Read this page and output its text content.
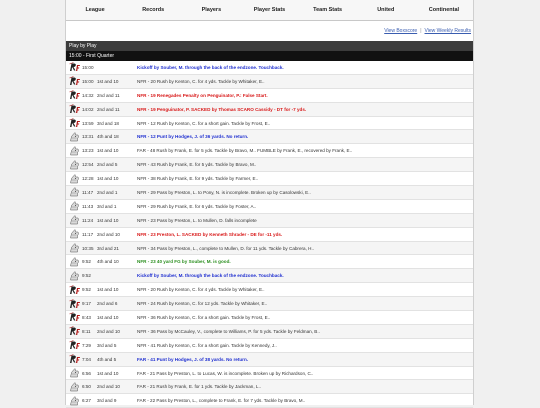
League	Records	Players	Player Stats	Team Stats	United	Continental
View Boxscore | View Weekly Results
Play by Play
15:00 - First Quarter
15:00	Kickoff by Souber, M. through the back of the endzone. Touchback.
15:00 1st and 10	NFR - 20 Rush by Kenton, C. for 4 yds. Tackle by Whitaker, E..
14:32 2nd and 11	NFR - 19 Renegades Penalty on Penguinator, P.: False Start.
14:02 2nd and 11	NFR - 19 Penguinator, P. SACKED by Thomas SCARO Cassidy - DT for -7 yds.
13:59 3rd and 18	NFR - 12 Rush by Kenton, C. for a short gain. Tackle by Frost, E..
13:31 4th and 18	NFR - 12 Punt by Hodges, J. of 36 yards. No return.
13:23 1st and 10	FAR - 48 Rush by Frank, E. for 5 yds. Tackle by Bravo, M.. FUMBLE by Frank, E., recovered by Frank, E..
12:54 2nd and 5	NFR - 43 Rush by Frank, E. for 5 yds. Tackle by Bravo, M..
12:28 1st and 10	NFR - 38 Rush by Frank, E. for 9 yds. Tackle by Farmer, E..
11:47 2nd and 1	NFR - 29 Pass by Preston, L. to Pony, N. is incomplete. Broken up by Casolowski, E..
11:43 3rd and 1	NFR - 29 Rush by Frank, E. for 6 yds. Tackle by Foster, A..
11:24 1st and 10	NFR - 23 Pass by Preston, L. to Mullen, D. falls incomplete
11:17 2nd and 10	NFR - 23 Preston, L. SACKED by Kenneth Shrader - DE for -11 yds.
10:35 3rd and 21	NFR - 34 Pass by Preston, L., complete to Mullen, D. for 11 yds. Tackle by Cabrera, H..
9:52	4th and 10	NFR - 23 40 yard FG by Souber, M. is good.
9:52	Kickoff by Souber, M. through the back of the endzone. Touchback.
9:52	1st and 10	NFR - 20 Rush by Kenton, C. for 4 yds. Tackle by Whitaker, E..
9:17	2nd and 6	NFR - 24 Rush by Kenton, C. for 12 yds. Tackle by Whitaker, E..
8:43	1st and 10	NFR - 36 Rush by Kenton, C. for a short gain. Tackle by Frost, E..
8:11	2nd and 10	NFR - 36 Pass by McCauley, V., complete to Williams, P. for 5 yds. Tackle by Feldman, B..
7:29	3rd and 5	NFR - 41 Rush by Kenton, C. for a short gain. Tackle by Kennedy, J..
7:04	4th and 5	FAR - 41 Punt by Hodges, J. of 38 yards. No return.
6:56	1st and 10	FAR - 21 Pass by Preston, L. to Lucas, W. is incomplete. Broken up by Richardson, C..
6:50	2nd and 10	FAR - 21 Rush by Frank, E. for 1 yds. Tackle by Jackman, L..
6:27	3rd and 9	FAR - 22 Pass by Preston, L., complete to Frank, E. for 7 yds. Tackle by Bravo, M..
